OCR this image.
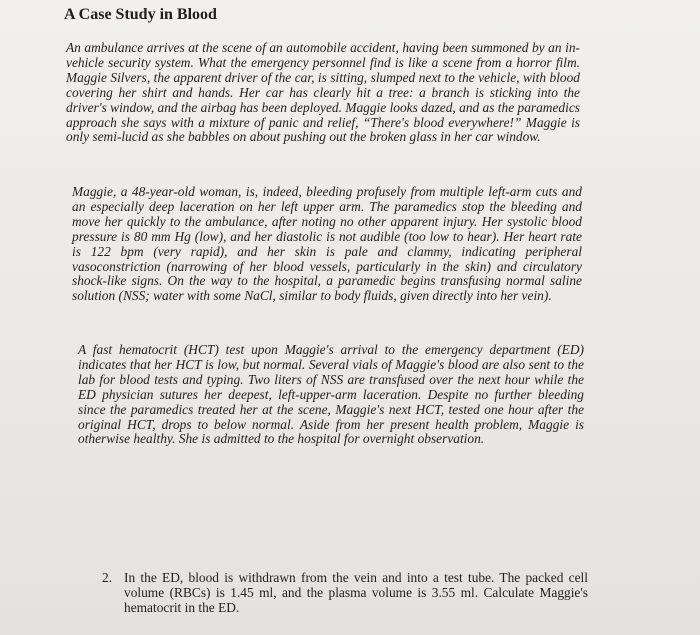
A Case Study in Blood

An ambulance arrives at the scene of an automobile accident, having been summoned by an in-vehicle security system. What the emergency personnel find is like a scene from a horror film. Maggie Silvers, the apparent driver of the car, is sitting, slumped next to the vehicle, with blood covering her shirt and hands. Her car has clearly hit a tree: a branch is sticking into the driver's window, and the airbag has been deployed. Maggie looks dazed, and as the paramedics approach she says with a mixture of panic and relief, “There's blood everywhere!” Maggie is only semi-lucid as she babbles on about pushing out the broken glass in her car window.

Maggie, a 48-year-old woman, is, indeed, bleeding profusely from multiple left-arm cuts and an especially deep laceration on her left upper arm. The paramedics stop the bleeding and move her quickly to the ambulance, after noting no other apparent injury. Her systolic blood pressure is 80 mm Hg (low), and her diastolic is not audible (too low to hear). Her heart rate is 122 bpm (very rapid), and her skin is pale and clammy, indicating peripheral vasoconstriction (narrowing of her blood vessels, particularly in the skin) and circulatory shock-like signs. On the way to the hospital, a paramedic begins transfusing normal saline solution (NSS; water with some NaCl, similar to body fluids, given directly into her vein).

A fast hematocrit (HCT) test upon Maggie's arrival to the emergency department (ED) indicates that her HCT is low, but normal. Several vials of Maggie's blood are also sent to the lab for blood tests and typing. Two liters of NSS are transfused over the next hour while the ED physician sutures her deepest, left-upper-arm laceration. Despite no further bleeding since the paramedics treated her at the scene, Maggie's next HCT, tested one hour after the original HCT, drops to below normal. Aside from her present health problem, Maggie is otherwise healthy. She is admitted to the hospital for overnight observation.

2. In the ED, blood is withdrawn from the vein and into a test tube. The packed cell volume (RBCs) is 1.45 ml, and the plasma volume is 3.55 ml. Calculate Maggie's hematocrit in the ED.
